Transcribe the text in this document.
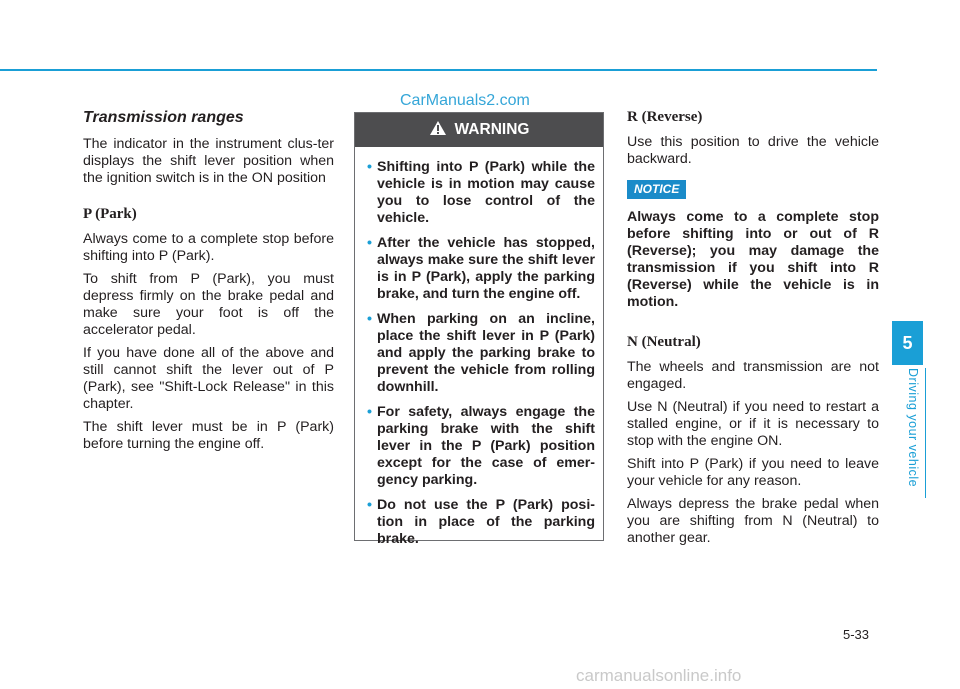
CarManuals2.com
Transmission ranges

The indicator in the instrument clus-ter displays the shift lever position when the ignition switch is in the ON position

P (Park)

Always come to a complete stop before shifting into P (Park).

To shift from P (Park), you must depress firmly on the brake pedal and make sure your foot is off the accelerator pedal.

If you have done all of the above and still cannot shift the lever out of P (Park), see "Shift-Lock Release" in this chapter.

The shift lever must be in P (Park) before turning the engine off.

WARNING
• Shifting into P (Park) while the vehicle is in motion may cause you to lose control of the vehicle.
• After the vehicle has stopped, always make sure the shift lever is in P (Park), apply the parking brake, and turn the engine off.
• When parking on an incline, place the shift lever in P (Park) and apply the parking brake to prevent the vehicle from rolling downhill.
• For safety, always engage the parking brake with the shift lever in the P (Park) position except for the case of emer-gency parking.
• Do not use the P (Park) posi-tion in place of the parking brake.
R (Reverse)

Use this position to drive the vehicle backward.

NOTICE

Always come to a complete stop before shifting into or out of R (Reverse); you may damage the transmission if you shift into R (Reverse) while the vehicle is in motion.

N (Neutral)

The wheels and transmission are not engaged.

Use N (Neutral) if you need to restart a stalled engine, or if it is necessary to stop with the engine ON.

Shift into P (Park) if you need to leave your vehicle for any reason.

Always depress the brake pedal when you are shifting from N (Neutral) to another gear.

5
Driving your vehicle
5-33
carmanualsonline.info
